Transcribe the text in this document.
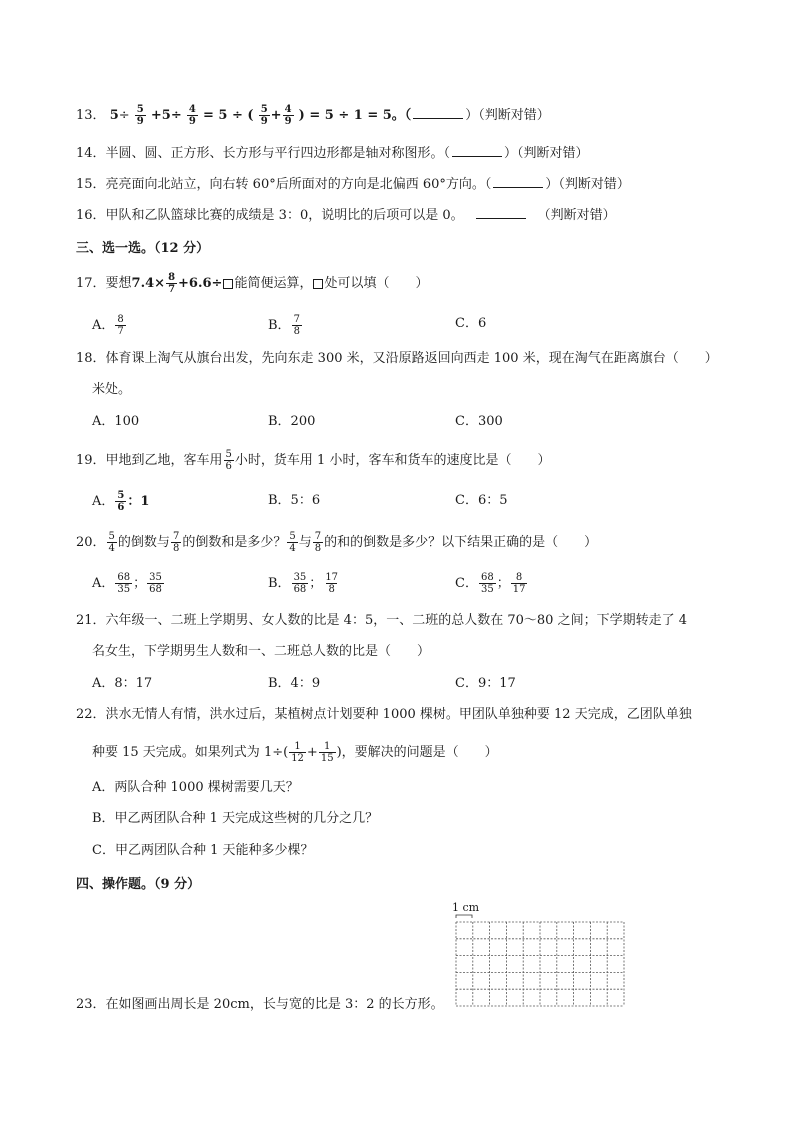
13． $5\div \frac{5}{9} +5\div \frac{4}{9} = 5$ ÷ ( $\frac{5}{9} + \frac{4}{9}$ ) = 5 ÷ 1 = 5。（	）（判断对错）
14．半圆、圆、正方形、长方形与平行四边形都是轴对称图形。（	）（判断对错）
15．亮亮面向北站立，向右转 60°后所面对的方向是北偏西 60°方向。（	）（判断对错）
16．甲队和乙队篮球比赛的成绩是 3：0，说明比的后项可以是 0。	（判断对错）
三、选一选。（12 分）
17．要想$7.4\times \frac{8}{7} +6.6\div$ 能简便运算， 处可以填（　　）
A． $\frac{8}{7}$	B． $\frac{7}{8}$	C．6
18．体育课上淘气从旗台出发，先向东走 300 米，又沿原路返回向西走 100 米，现在淘气在距离旗台（　　）
米处。
A．100	B．200	C．300
19．甲地到乙地，客车用 $\frac{5}{6}$ 小时，货车用 1 小时，客车和货车的速度比是（　　）
A． $\frac{5}{6}$ ：1	B．5：6	C．6：5
20． $\frac{5}{4}$ 的倒数与 $\frac{7}{8}$ 的倒数和是多少？ $\frac{5}{4}$ 与 $\frac{7}{8}$ 的和的倒数是多少？以下结果正确的是（　　）
A． $\frac{68}{35}$ ； $\frac{35}{68}$	B． $\frac{35}{68}$ ； $\frac{17}{8}$	C． $\frac{68}{35}$ ； $\frac{8}{17}$
21．六年级一、二班上学期男、女人数的比是 4：5，一、二班的总人数在 70～80 之间；下学期转走了 4
名女生，下学期男生人数和一、二班总人数的比是（　　）
A．8：17	B．4：9	C．9：17
22．洪水无情人有情，洪水过后，某植树点计划要种 1000 棵树。甲团队单独种要 12 天完成，乙团队单独
种要 15 天完成。如果列式为 $1\div( \frac{1}{12} + \frac{1}{15}$ )，要解决的问题是（　　）
A．两队合种 1000 棵树需要几天？
B．甲乙两团队合种 1 天完成这些树的几分之几？
C．甲乙两团队合种 1 天能种多少棵？
四、操作题。（9 分）
1 cm
23．在如图画出周长是 20cm，长与宽的比是 3：2 的长方形。
